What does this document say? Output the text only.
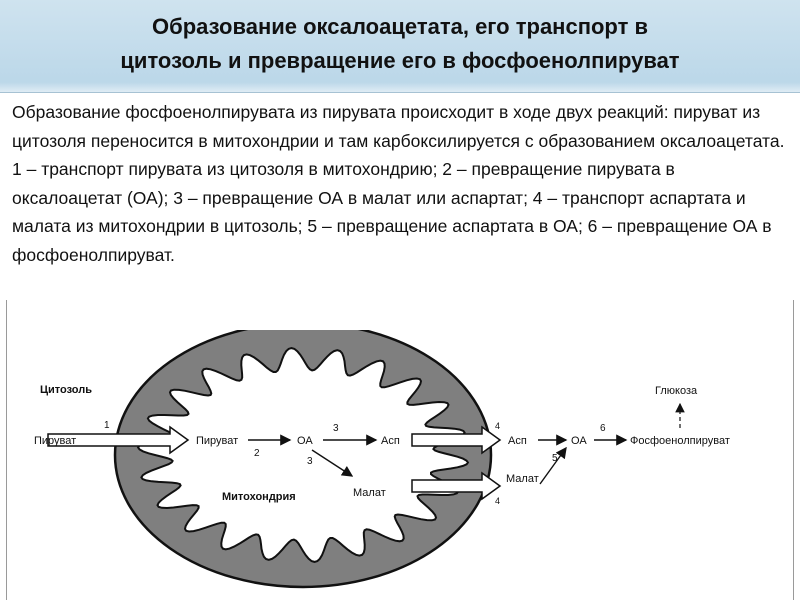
Образование оксалоацетата, его транспорт в
цитозоль и превращение его в фосфоенолпируват
Образование фосфоенолпирувата из пирувата происходит в ходе двух реакций: пируват из цитозоля переносится в митохондрии и там карбоксилируется с образованием оксалоацетата. 1 – транспорт пирувата из цитозоля в митохондрию; 2 – превращение пирувата в оксалоацетат (ОА); 3 – превращение ОА в малат или аспартат; 4 – транспорт аспартата и малата из митохондрии в цитозоль; 5 – превращение аспартата в ОА; 6 – превращение ОА в фосфоенолпируват.
Цитозоль
Митохондрия
Пируват	Пируват	ОА	Асп
Малат
Асп
Малат
ОА	Фосфоенолпируват
Глюкоза
1
2
3
3
4
4
5
6
